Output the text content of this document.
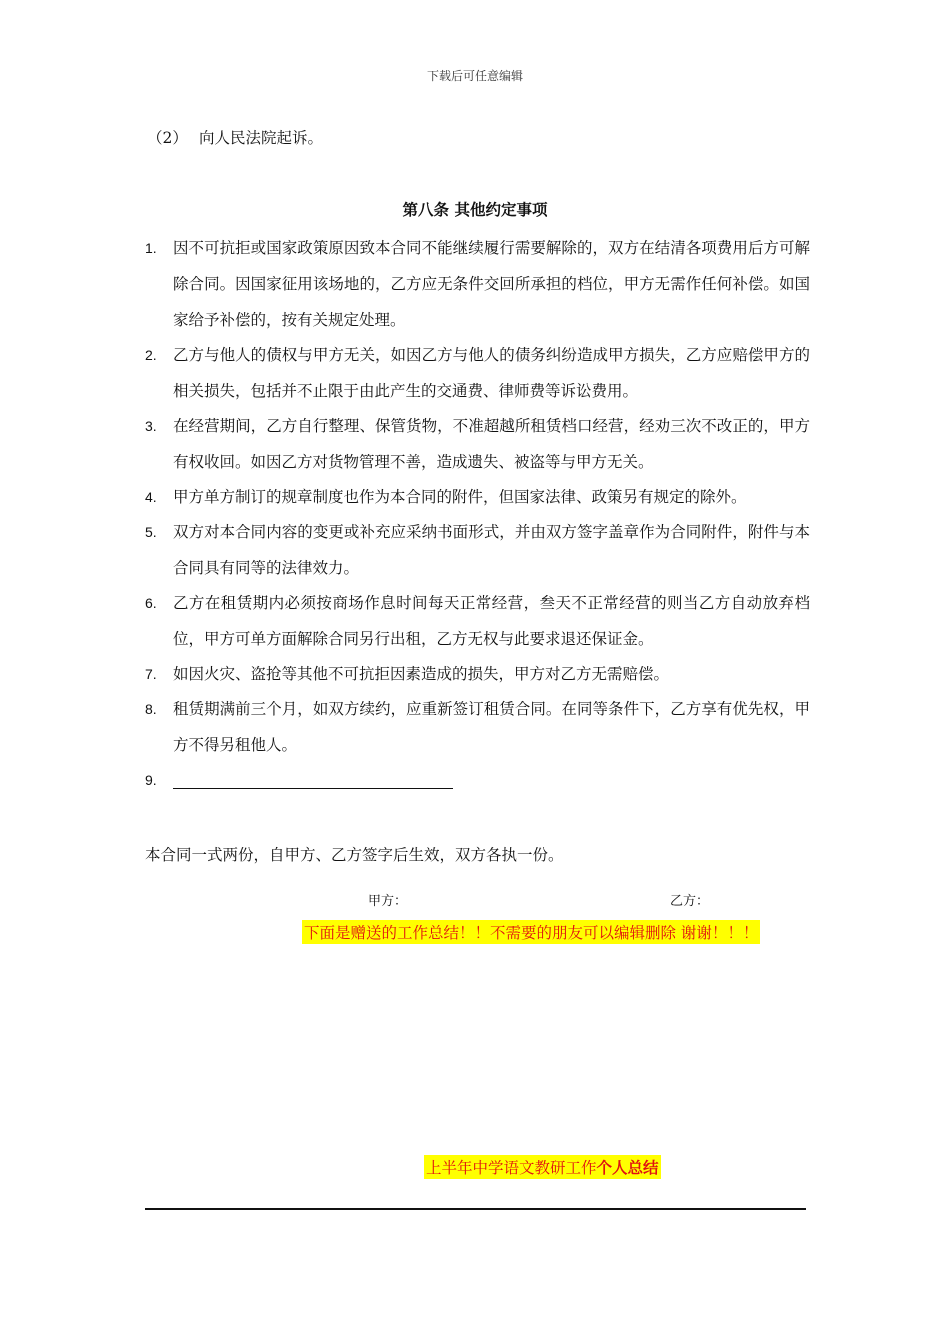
下载后可任意编辑
（2） 向人民法院起诉。
第八条 其他约定事项
1.	因不可抗拒或国家政策原因致本合同不能继续履行需要解除的，双方在结清各项费用后方可解除合同。因国家征用该场地的，乙方应无条件交回所承担的档位，甲方无需作任何补偿。如国家给予补偿的，按有关规定处理。
2.	乙方与他人的债权与甲方无关，如因乙方与他人的债务纠纷造成甲方损失，乙方应赔偿甲方的相关损失，包括并不止限于由此产生的交通费、律师费等诉讼费用。
3.	在经营期间，乙方自行整理、保管货物，不准超越所租赁档口经营，经劝三次不改正的，甲方有权收回。如因乙方对货物管理不善，造成遗失、被盗等与甲方无关。
4.	甲方单方制订的规章制度也作为本合同的附件，但国家法律、政策另有规定的除外。
5.	双方对本合同内容的变更或补充应采纳书面形式，并由双方签字盖章作为合同附件，附件与本合同具有同等的法律效力。
6.	乙方在租赁期内必须按商场作息时间每天正常经营，叁天不正常经营的则当乙方自动放弃档位，甲方可单方面解除合同另行出租，乙方无权与此要求退还保证金。
7.	如因火灾、盗抢等其他不可抗拒因素造成的损失，甲方对乙方无需赔偿。
8.	租赁期满前三个月，如双方续约，应重新签订租赁合同。在同等条件下，乙方享有优先权，甲方不得另租他人。
9.
本合同一式两份，自甲方、乙方签字后生效，双方各执一份。
甲方：	乙方：
下面是赠送的工作总结！！不需要的朋友可以编辑删除 谢谢！！！
上半年中学语文教研工作个人总结
